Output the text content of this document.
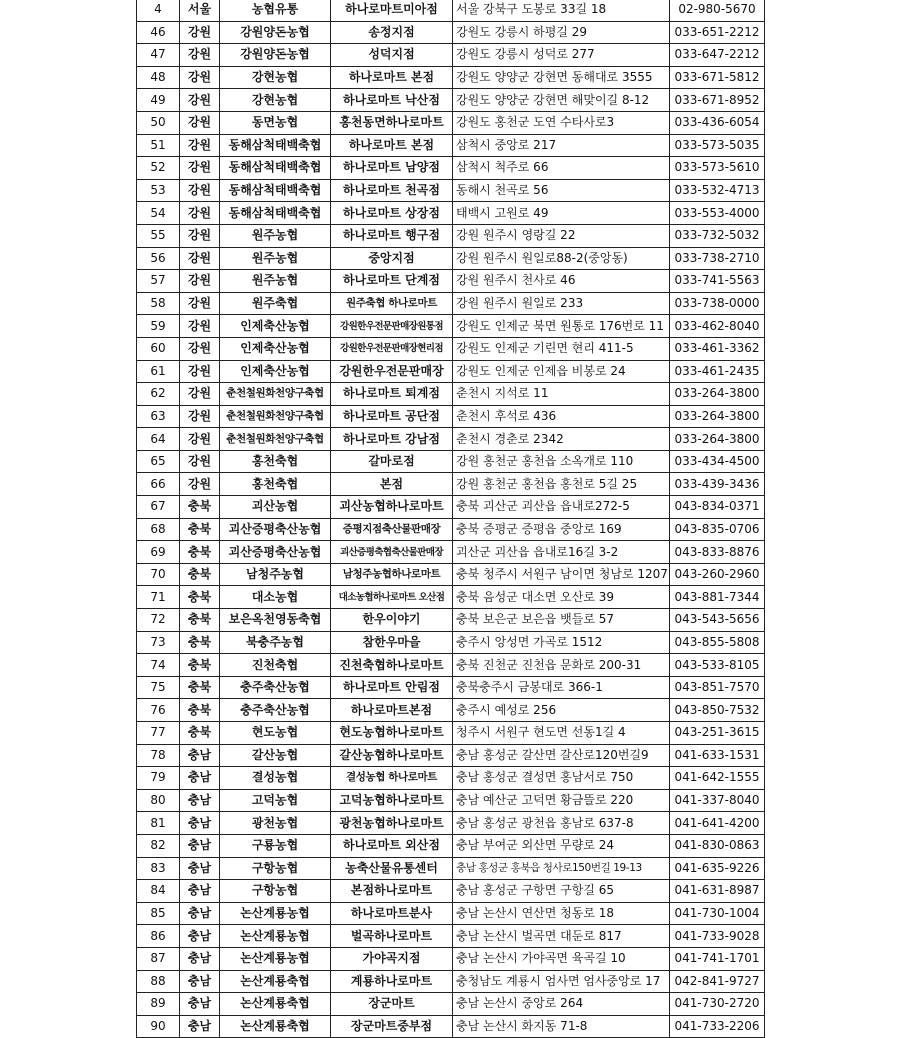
4	서울	농협유통	하나로마트미아점	서울 강북구 도봉로 33길 18	02-980-5670
46	강원	강원양돈농협	송정지점	강원도 강릉시 하평길 29	033-651-2212
47	강원	강원양돈농협	성덕지점	강원도 강릉시 성덕로 277	033-647-2212
48	강원	강현농협	하나로마트 본점	강원도 양양군 강현면 동해대로 3555	033-671-5812
49	강원	강현농협	하나로마트 낙산점	강원도 양양군 강현면 해맞이길 8-12	033-671-8952
50	강원	동면농협	홍천동면하나로마트	강원도 홍천군 도연 수타사로3	033-436-6054
51	강원	동해삼척태백축협	하나로마트 본점	삼척시 중앙로 217	033-573-5035
52	강원	동해삼척태백축협	하나로마트 남양점	삼척시 척주로 66	033-573-5610
53	강원	동해삼척태백축협	하나로마트 천곡점	동해시 천곡로 56	033-532-4713
54	강원	동해삼척태백축협	하나로마트 상장점	태백시 고원로 49	033-553-4000
55	강원	원주농협	하나로마트 행구점	강원 원주시 영랑길 22	033-732-5032
56	강원	원주농협	중앙지점	강원 원주시 원일로88-2(중앙동)	033-738-2710
57	강원	원주농협	하나로마트 단계점	강원 원주시 천사로 46	033-741-5563
58	강원	원주축협	원주축협 하나로마트	강원 원주시 원일로 233	033-738-0000
59	강원	인제축산농협	강원한우전문판매장원통점	강원도 인제군 북면 원통로 176번로 11	033-462-8040
60	강원	인제축산농협	강원한우전문판매장현리점	강원도 인제군 기린면 현리 411-5	033-461-3362
61	강원	인제축산농협	강원한우전문판매장	강원도 인제군 인제읍 비봉로 24	033-461-2435
62	강원	춘천철원화천양구축협	하나로마트 퇴계점	춘천시 지석로 11	033-264-3800
63	강원	춘천철원화천양구축협	하나로마트 공단점	춘천시 후석로 436	033-264-3800
64	강원	춘천철원화천양구축협	하나로마트 강남점	춘천시 경춘로 2342	033-264-3800
65	강원	홍천축협	갈마로점	강원 홍천군 홍천읍 소옥개로 110	033-434-4500
66	강원	홍천축협	본점	강원 홍천군 홍천읍 홍천로 5길 25	033-439-3436
67	충북	괴산농협	괴산농협하나로마트	충북 괴산군 괴산읍 읍내로272-5	043-834-0371
68	충북	괴산증평축산농협	증평지점축산물판매장	충북 증평군 증평읍 중앙로 169	043-835-0706
69	충북	괴산증평축산농협	괴산증평축협축산물판매장	괴산군 괴산읍 읍내로16길 3-2	043-833-8876
70	충북	남청주농협	남청주농협하나로마트	충북 청주시 서원구 남이면 청남로 1207	043-260-2960
71	충북	대소농협	대소농협하나로마트 오산점	충북 음성군 대소면 오산로 39	043-881-7344
72	충북	보은옥천영동축협	한우이야기	충북 보은군 보은읍 뱃들로 57	043-543-5656
73	충북	북충주농협	참한우마을	충주시 앙성면 가곡로 1512	043-855-5808
74	충북	진천축협	진천축협하나로마트	충북 진천군 진천읍 문화로 200-31	043-533-8105
75	충북	충주축산농협	하나로마트 안림점	충북충주시 금봉대로 366-1	043-851-7570
76	충북	충주축산농협	하나로마트본점	충주시 예성로 256	043-850-7532
77	충북	현도농협	현도농협하나로마트	청주시 서원구 현도면 선동1길 4	043-251-3615
78	충남	갈산농협	갈산농협하나로마트	충남 홍성군 갈산면 갈산로120번길9	041-633-1531
79	충남	결성농협	결성농협 하나로마트	충남 홍성군 결성면 홍남서로 750	041-642-1555
80	충남	고덕농협	고덕농협하나로마트	충남 예산군 고덕면 황금뜰로 220	041-337-8040
81	충남	광천농협	광천농협하나로마트	충남 홍성군 광천읍 홍남로 637-8	041-641-4200
82	충남	구룡농협	하나로마트 외산점	충남 부여군 외산면 무량로 24	041-830-0863
83	충남	구항농협	농축산물유통센터	충남 홍성군 홍북읍 청사로150번길 19-13	041-635-9226
84	충남	구항농협	본점하나로마트	충남 홍성군 구항면 구항길 65	041-631-8987
85	충남	논산계룡농협	하나로마트분사	충남 논산시 연산면 청동로 18	041-730-1004
86	충남	논산계룡농협	벌곡하나로마트	충남 논산시 벌곡면 대둔로 817	041-733-9028
87	충남	논산계룡농협	가야곡지점	충남 논산시 가야곡면 육곡길 10	041-741-1701
88	충남	논산계룡축협	계룡하나로마트	충청남도 계룡시 엄사면 엄사중앙로 17	042-841-9727
89	충남	논산계룡축협	장군마트	충남 논산시 중앙로 264	041-730-2720
90	충남	논산계룡축협	장군마트중부점	충남 논산시 화지동 71-8	041-733-2206
